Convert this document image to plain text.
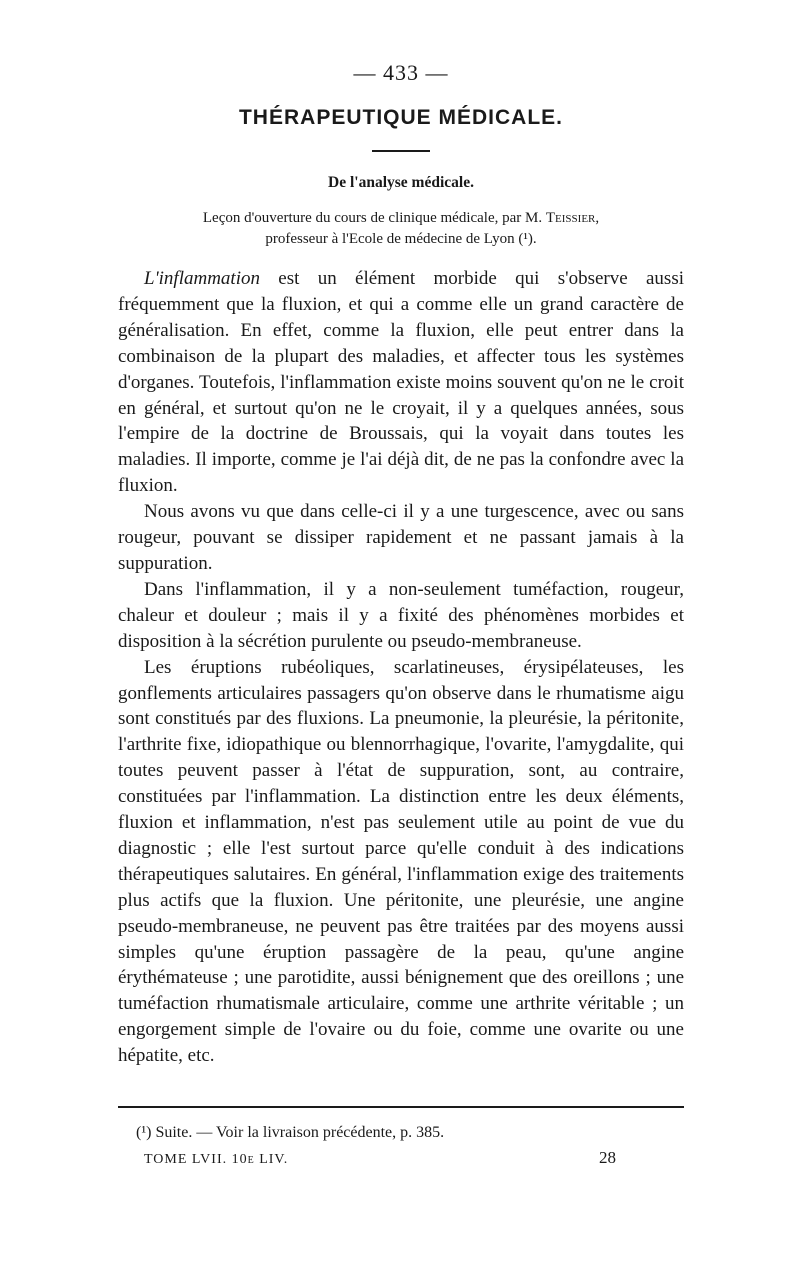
— 433 —
THÉRAPEUTIQUE MÉDICALE.
De l'analyse médicale.
Leçon d'ouverture du cours de clinique médicale, par M. Teissier,
professeur à l'Ecole de médecine de Lyon (¹).

L'inflammation est un élément morbide qui s'observe aussi fréquemment que la fluxion, et qui a comme elle un grand caractère de généralisation. En effet, comme la fluxion, elle peut entrer dans la combinaison de la plupart des maladies, et affecter tous les systèmes d'organes. Toutefois, l'inflammation existe moins souvent qu'on ne le croit en général, et surtout qu'on ne le croyait, il y a quelques années, sous l'empire de la doctrine de Broussais, qui la voyait dans toutes les maladies. Il importe, comme je l'ai déjà dit, de ne pas la confondre avec la fluxion.

Nous avons vu que dans celle-ci il y a une turgescence, avec ou sans rougeur, pouvant se dissiper rapidement et ne passant jamais à la suppuration.

Dans l'inflammation, il y a non-seulement tuméfaction, rougeur, chaleur et douleur ; mais il y a fixité des phénomènes morbides et disposition à la sécrétion purulente ou pseudo-membraneuse.

Les éruptions rubéoliques, scarlatineuses, érysipélateuses, les gonflements articulaires passagers qu'on observe dans le rhumatisme aigu sont constitués par des fluxions. La pneumonie, la pleurésie, la péritonite, l'arthrite fixe, idiopathique ou blennorrhagique, l'ovarite, l'amygdalite, qui toutes peuvent passer à l'état de suppuration, sont, au contraire, constituées par l'inflammation. La distinction entre les deux éléments, fluxion et inflammation, n'est pas seulement utile au point de vue du diagnostic ; elle l'est surtout parce qu'elle conduit à des indications thérapeutiques salutaires. En général, l'inflammation exige des traitements plus actifs que la fluxion. Une péritonite, une pleurésie, une angine pseudo-membraneuse, ne peuvent pas être traitées par des moyens aussi simples qu'une éruption passagère de la peau, qu'une angine érythémateuse ; une parotidite, aussi bénignement que des oreillons ; une tuméfaction rhumatismale articulaire, comme une arthrite véritable ; un engorgement simple de l'ovaire ou du foie, comme une ovarite ou une hépatite, etc.

(¹) Suite. — Voir la livraison précédente, p. 385.
TOME LVII. 10e LIV.	28
